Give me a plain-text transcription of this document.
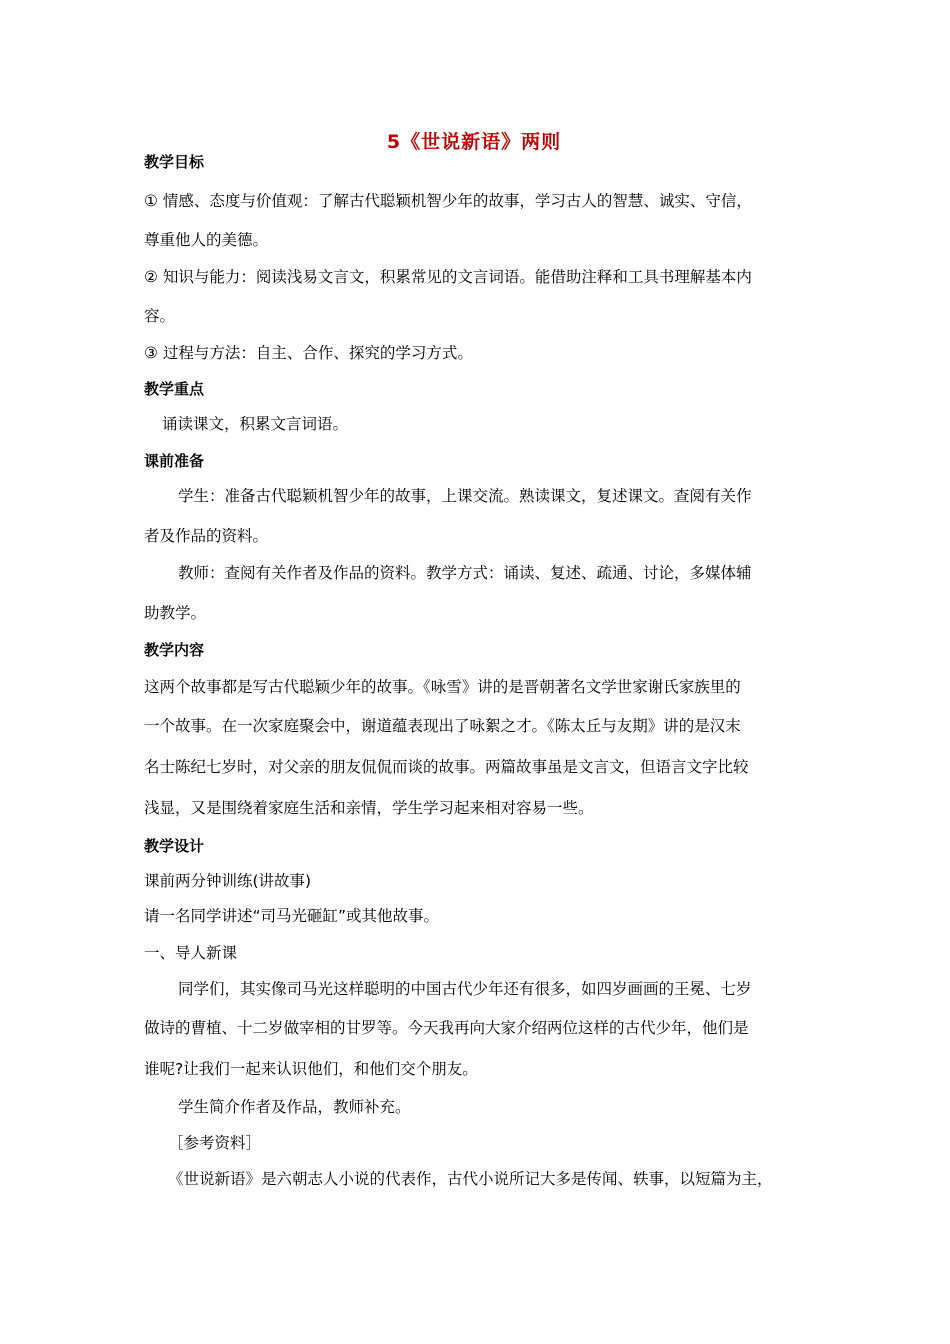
5《世说新语》两则
教学目标
① 情感、态度与价值观：了解古代聪颖机智少年的故事，学习古人的智慧、诚实、守信，
尊重他人的美德。
② 知识与能力：阅读浅易文言文，积累常见的文言词语。能借助注释和工具书理解基本内
容。
③ 过程与方法：自主、合作、探究的学习方式。
教学重点
诵读课文，积累文言词语。
课前准备
学生：准备古代聪颖机智少年的故事，上课交流。熟读课文，复述课文。查阅有关作
者及作品的资料。
教师：查阅有关作者及作品的资料。教学方式：诵读、复述、疏通、讨论，多媒体辅
助教学。
教学内容
这两个故事都是写古代聪颖少年的故事。《咏雪》讲的是晋朝著名文学世家谢氏家族里的
一个故事。在一次家庭聚会中，谢道蕴表现出了咏絮之才。《陈太丘与友期》讲的是汉末
名士陈纪七岁时，对父亲的朋友侃侃而谈的故事。两篇故事虽是文言文，但语言文字比较
浅显，又是围绕着家庭生活和亲情，学生学习起来相对容易一些。
教学设计
课前两分钟训练(讲故事)
请一名同学讲述“司马光砸缸”或其他故事。
一、导人新课
同学们，其实像司马光这样聪明的中国古代少年还有很多，如四岁画画的王冕、七岁
做诗的曹植、十二岁做宰相的甘罗等。今天我再向大家介绍两位这样的古代少年，他们是
谁呢?让我们一起来认识他们，和他们交个朋友。
学生简介作者及作品，教师补充。
［参考资料］
《世说新语》是六朝志人小说的代表作，古代小说所记大多是传闻、轶事，以短篇为主，
